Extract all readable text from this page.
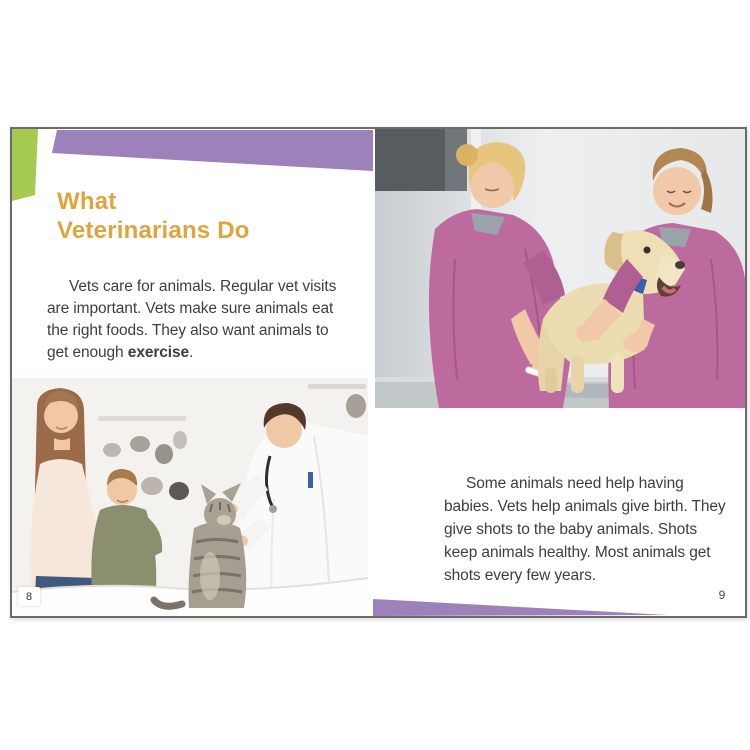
What
Veterinarians Do

Vets care for animals. Regular vet visits are important. Vets make sure animals eat the right foods. They also want animals to get enough exercise.

8

Some animals need help having babies. Vets help animals give birth. They give shots to the baby animals. Shots keep animals healthy. Most animals get shots every few years.

9
